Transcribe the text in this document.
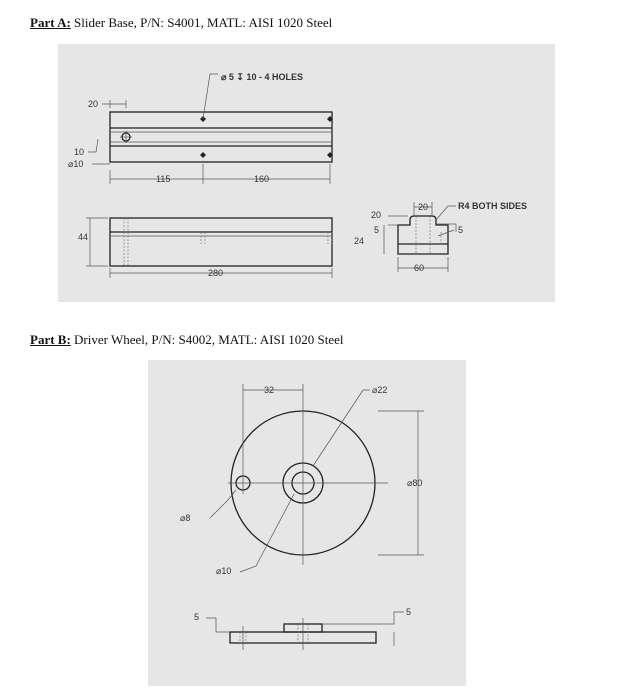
Part A: Slider Base, P/N: S4001, MATL: AISI 1020 Steel
⌀ 5 ↧ 10 - 4 HOLES
20
10
⌀10
115	160
44
280
20
20
5	5
R4 BOTH SIDES
24
60
Part B: Driver Wheel, P/N: S4002, MATL: AISI 1020 Steel
32	⌀22
⌀80
⌀8
⌀10
5	5
